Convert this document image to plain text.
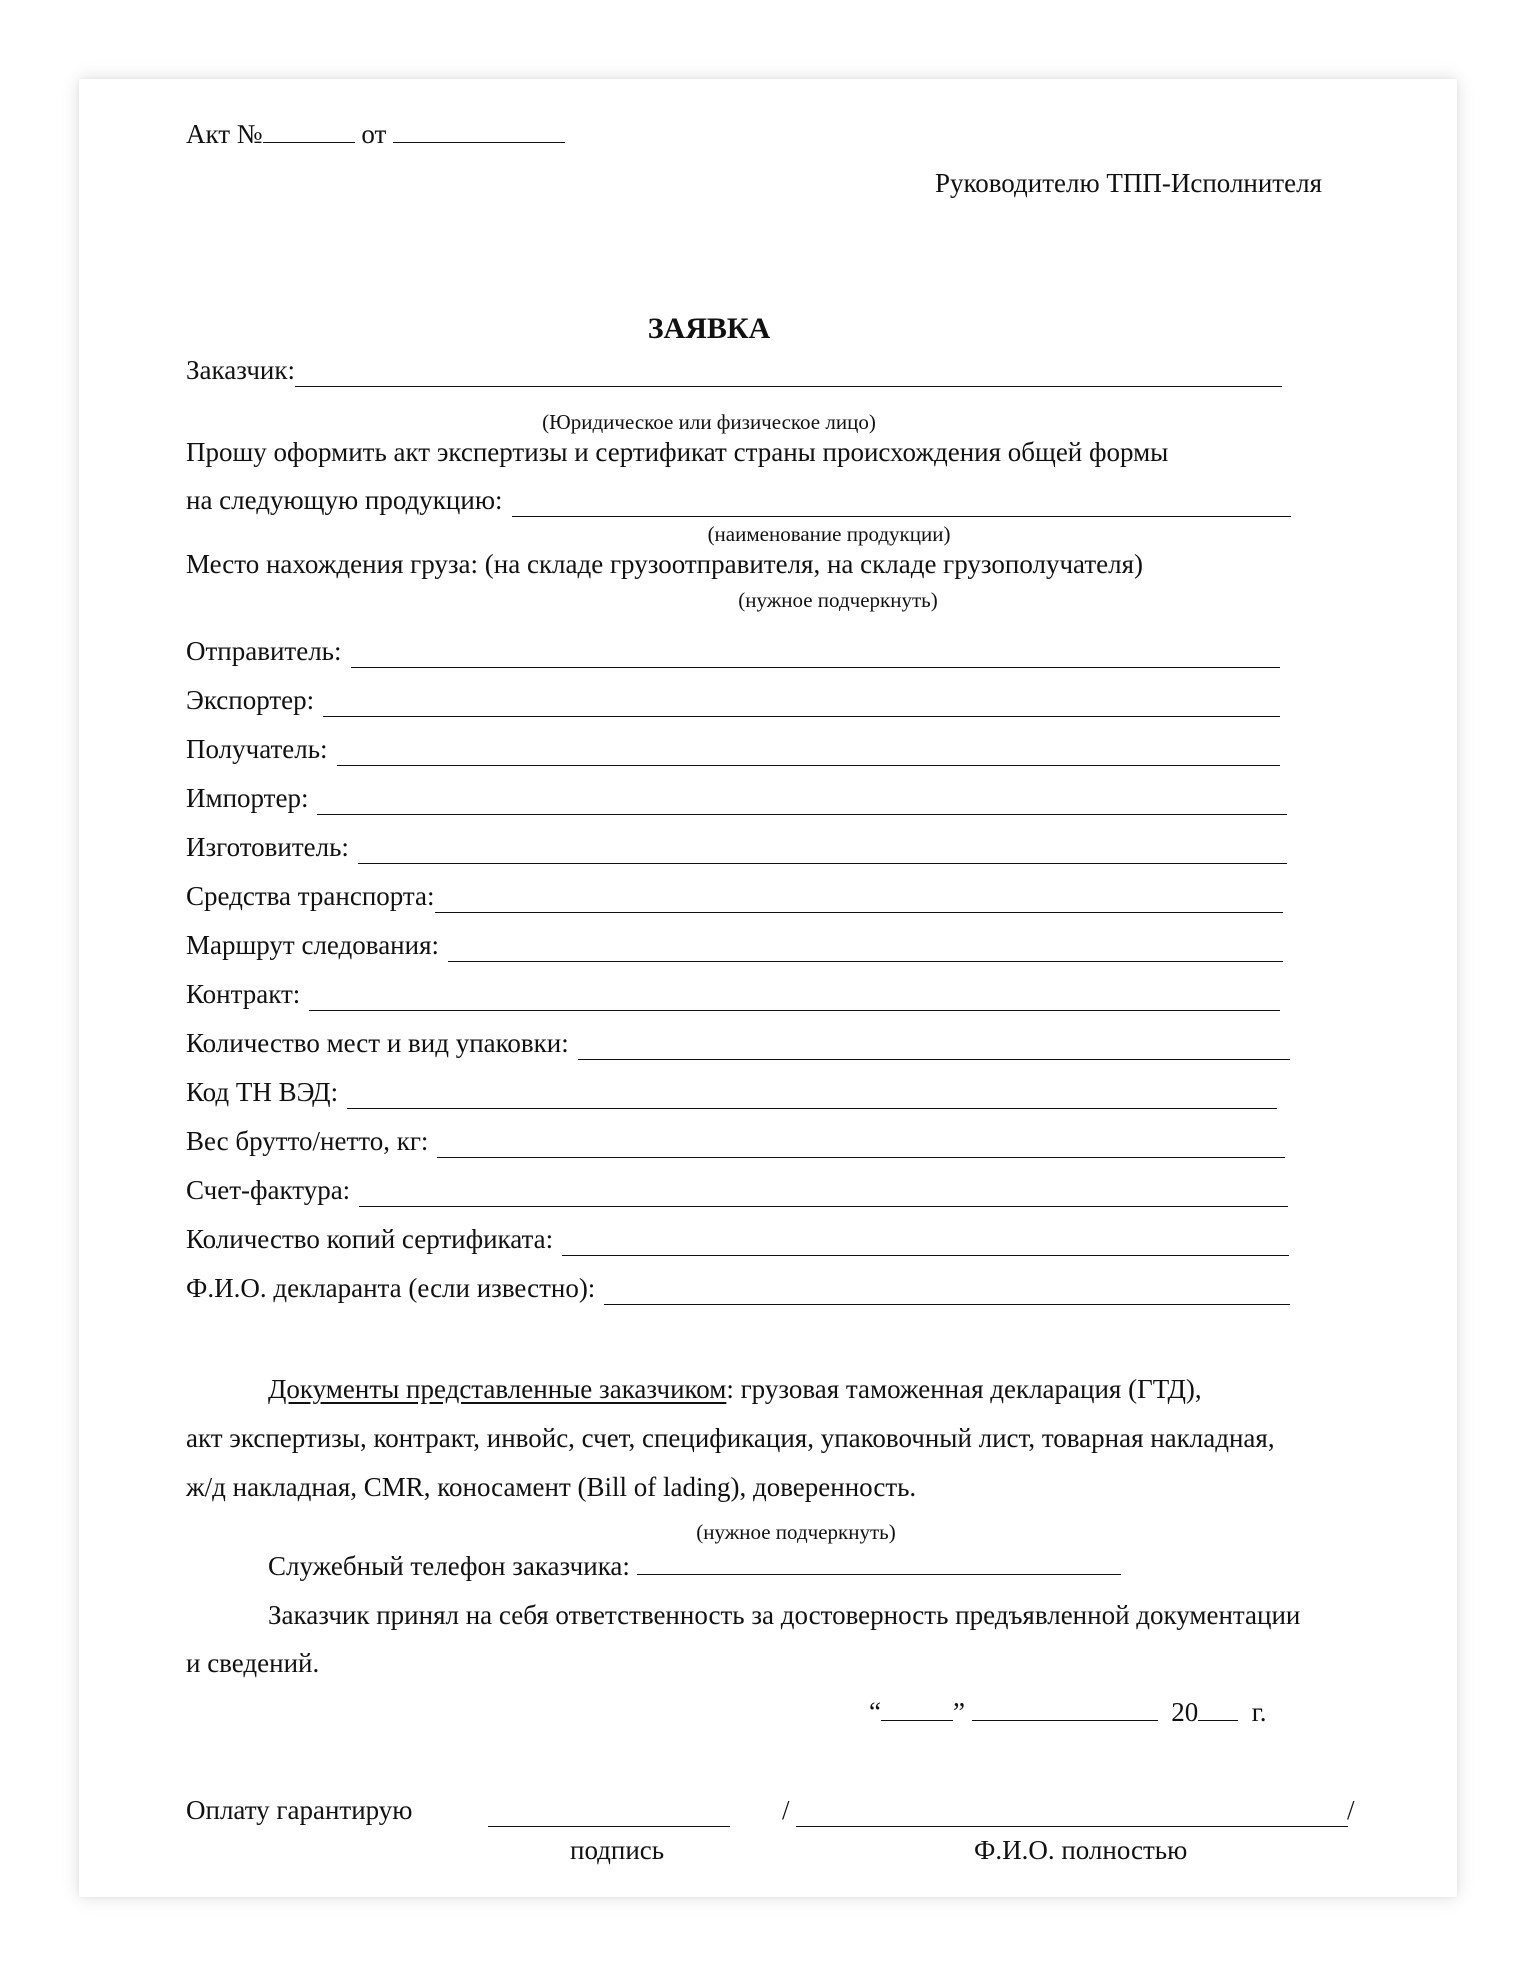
Акт №	от
Руководителю ТПП-Исполнителя
ЗАЯВКА
Заказчик:
(Юридическое или физическое лицо)
Прошу оформить акт экспертизы и сертификат страны происхождения общей формы
на следующую продукцию:
(наименование продукции)
Место нахождения груза: (на складе грузоотправителя, на складе грузополучателя)
(нужное подчеркнуть)
Отправитель:
Экспортер:
Получатель:
Импортер:
Изготовитель:
Средства транспорта:
Маршрут следования:
Контракт:
Количество мест и вид упаковки:
Код ТН ВЭД:
Вес брутто/нетто, кг:
Счет-фактура:
Количество копий сертификата:
Ф.И.О. декларанта (если известно):
Документы представленные заказчиком: грузовая таможенная декларация (ГТД),
акт экспертизы, контракт, инвойс, счет, спецификация, упаковочный лист, товарная накладная,
ж/д накладная, CMR, коносамент (Bill of lading), доверенность.
(нужное подчеркнуть)
Служебный телефон заказчика:
Заказчик принял на себя ответственность за достоверность предъявленной документации
и сведений.
“	”	20 г.
Оплату гарантирую	/	/
подпись	Ф.И.О. полностью
